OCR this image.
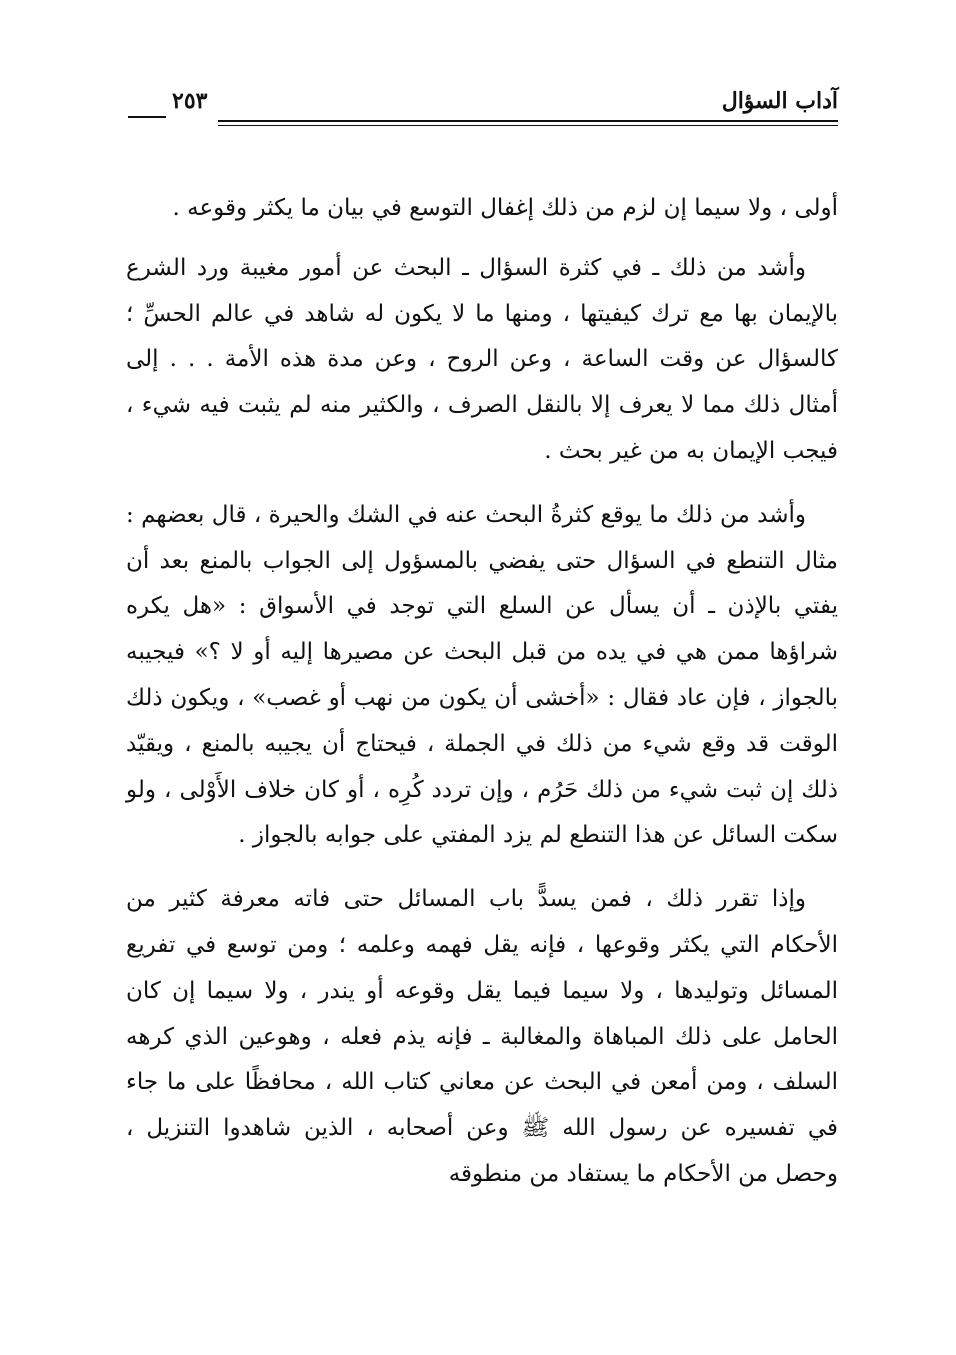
آداب السؤال
٢٥٣

أولى ، ولا سيما إن لزم من ذلك إغفال التوسع في بيان ما يكثر وقوعه .

وأشد من ذلك ـ في كثرة السؤال ـ البحث عن أمور مغيبة ورد الشرع بالإيمان بها مع ترك كيفيتها ، ومنها ما لا يكون له شاهد في عالم الحسِّ ؛ كالسؤال عن وقت الساعة ، وعن الروح ، وعن مدة هذه الأمة . . . إلى أمثال ذلك مما لا يعرف إلا بالنقل الصرف ، والكثير منه لم يثبت فيه شيء ، فيجب الإيمان به من غير بحث .

وأشد من ذلك ما يوقع كثرةُ البحث عنه في الشك والحيرة ، قال بعضهم : مثال التنطع في السؤال حتى يفضي بالمسؤول إلى الجواب بالمنع بعد أن يفتي بالإذن ـ أن يسأل عن السلع التي توجد في الأسواق : «هل يكره شراؤها ممن هي في يده من قبل البحث عن مصيرها إليه أو لا ؟» فيجيبه بالجواز ، فإن عاد فقال : «أخشى أن يكون من نهب أو غصب» ، ويكون ذلك الوقت قد وقع شيء من ذلك في الجملة ، فيحتاج أن يجيبه بالمنع ، ويقيّد ذلك إن ثبت شيء من ذلك حَرُم ، وإن تردد كُرِه ، أو كان خلاف الأَوْلى ، ولو سكت السائل عن هذا التنطع لم يزد المفتي على جوابه بالجواز .

وإذا تقرر ذلك ، فمن يسدًّ باب المسائل حتى فاته معرفة كثير من الأحكام التي يكثر وقوعها ، فإنه يقل فهمه وعلمه ؛ ومن توسع في تفريع المسائل وتوليدها ، ولا سيما فيما يقل وقوعه أو يندر ، ولا سيما إن كان الحامل على ذلك المباهاة والمغالبة ـ فإنه يذم فعله ، وهوعين الذي كرهه السلف ، ومن أمعن في البحث عن معاني كتاب الله ، محافظًا على ما جاء في تفسيره عن رسول الله ﷺ وعن أصحابه ، الذين شاهدوا التنزيل ، وحصل من الأحكام ما يستفاد من منطوقه
